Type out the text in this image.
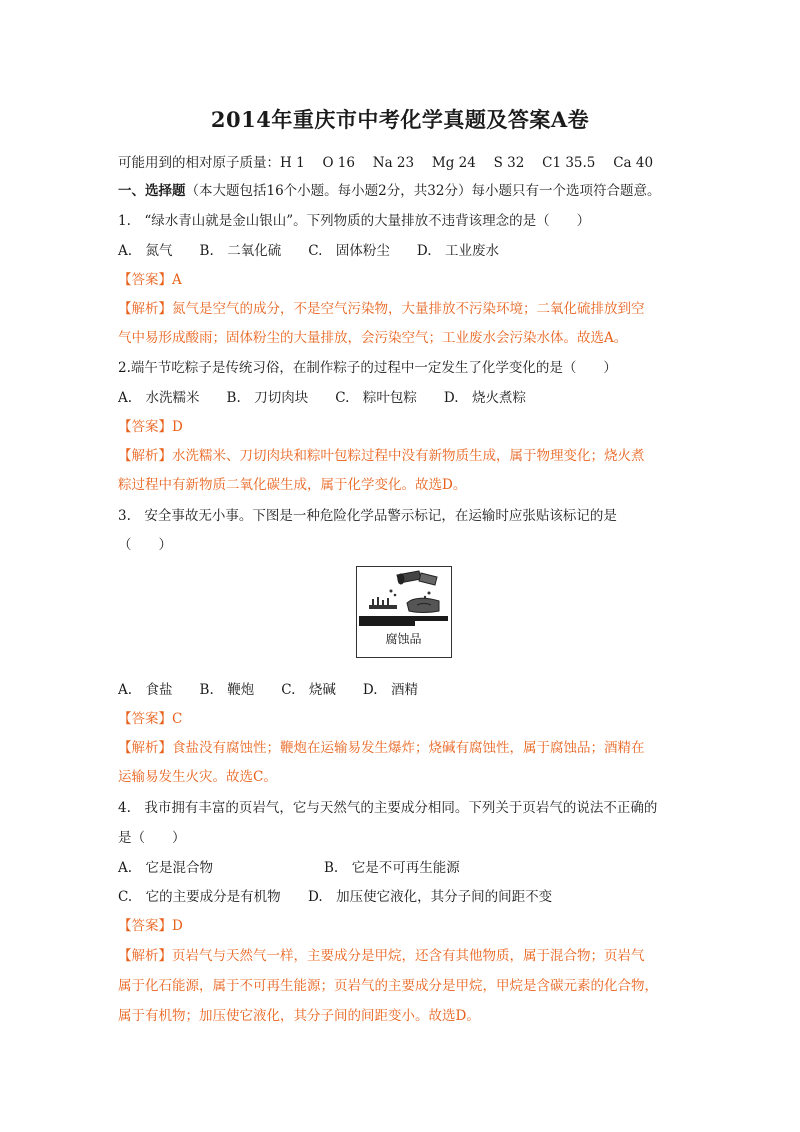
2014年重庆市中考化学真题及答案A卷
可能用到的相对原子质量：H 1　 O 16　 Na 23　 Mg 24　 S 32　 C1 35.5　 Ca 40
一、选择题（本大题包括16个小题。每小题2分，共32分）每小题只有一个选项符合题意。
1.　“绿水青山就是金山银山”。下列物质的大量排放不违背该理念的是（　　）
A.　氮气　　B.　二氧化硫　　C.　固体粉尘　　D.　工业废水
【答案】A
【解析】氮气是空气的成分，不是空气污染物，大量排放不污染环境；二氧化硫排放到空
气中易形成酸雨；固体粉尘的大量排放，会污染空气；工业废水会污染水体。故选A。
2.端午节吃粽子是传统习俗，在制作粽子的过程中一定发生了化学变化的是（　　）
A.　水洗糯米　　B.　刀切肉块　　C.　粽叶包粽　　D.　烧火煮粽
【答案】D
【解析】水洗糯米、刀切肉块和粽叶包粽过程中没有新物质生成，属于物理变化；烧火煮
粽过程中有新物质二氧化碳生成，属于化学变化。故选D。
3.　安全事故无小事。下图是一种危险化学品警示标记，在运输时应张贴该标记的是
（　　）
腐蚀品
A.　食盐　　B.　鞭炮　　C.　烧碱　　D.　酒精
【答案】C
【解析】食盐没有腐蚀性；鞭炮在运输易发生爆炸；烧碱有腐蚀性，属于腐蚀品；酒精在
运输易发生火灾。故选C。
4.　我市拥有丰富的页岩气，它与天然气的主要成分相同。下列关于页岩气的说法不正确的
是（　　）
A.　它是混合物	B.　它是不可再生能源
C.　它的主要成分是有机物 D.　加压使它液化，其分子间的间距不变
【答案】D
【解析】页岩气与天然气一样，主要成分是甲烷，还含有其他物质，属于混合物；页岩气
属于化石能源，属于不可再生能源；页岩气的主要成分是甲烷，甲烷是含碳元素的化合物，
属于有机物；加压使它液化，其分子间的间距变小。故选D。
